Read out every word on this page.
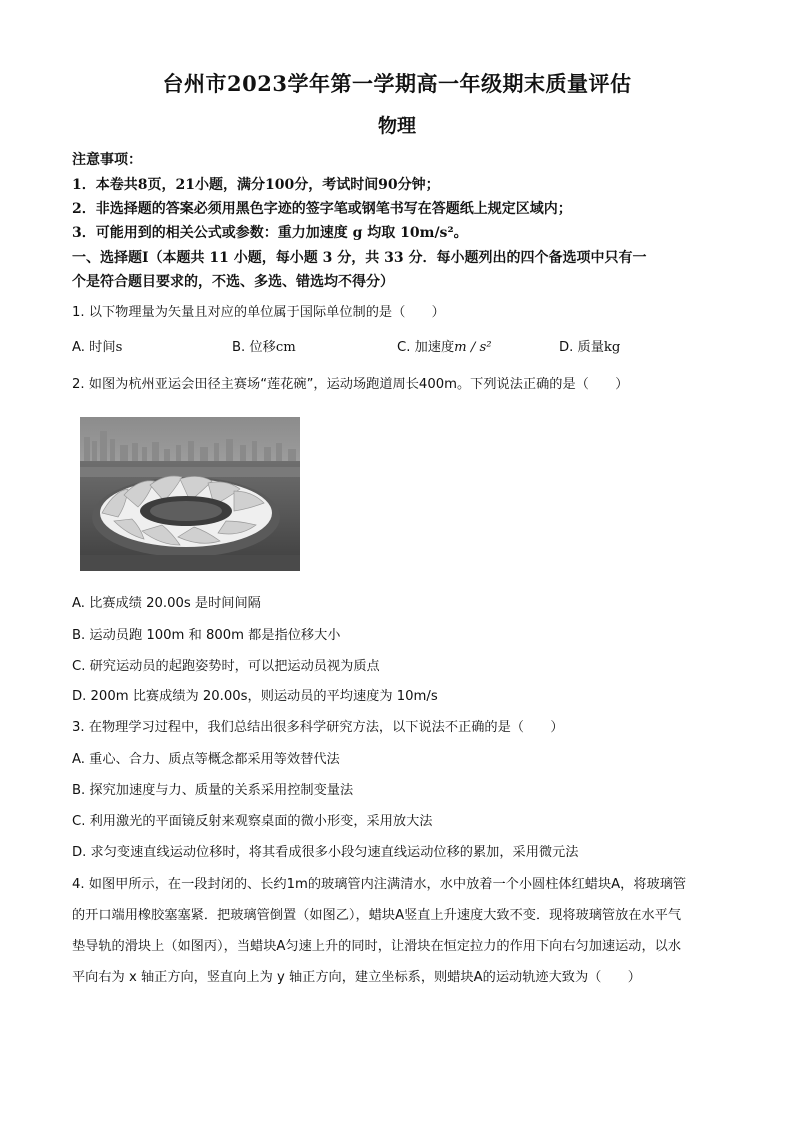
台州市2023学年第一学期高一年级期末质量评估
物理
注意事项：
1．本卷共8页，21小题，满分100分，考试时间90分钟；
2．非选择题的答案必须用黑色字迹的签字笔或钢笔书写在答题纸上规定区域内；
3．可能用到的相关公式或参数：重力加速度 g 均取 10m/s²。
一、选择题Ⅰ（本题共 11 小题，每小题 3 分，共 33 分．每小题列出的四个备选项中只有一
个是符合题目要求的，不选、多选、错选均不得分）
1. 以下物理量为矢量且对应的单位属于国际单位制的是（　　）
A. 时间s	B. 位移cm	C. 加速度m / s²	D. 质量kg
2. 如图为杭州亚运会田径主赛场“莲花碗”，运动场跑道周长400m。下列说法正确的是（　　）
A. 比赛成绩 20.00s 是时间间隔
B. 运动员跑 100m 和 800m 都是指位移大小
C. 研究运动员的起跑姿势时，可以把运动员视为质点
D. 200m 比赛成绩为 20.00s，则运动员的平均速度为 10m/s
3. 在物理学习过程中，我们总结出很多科学研究方法，以下说法不正确的是（　　）
A. 重心、合力、质点等概念都采用等效替代法
B. 探究加速度与力、质量的关系采用控制变量法
C. 利用激光的平面镜反射来观察桌面的微小形变，采用放大法
D. 求匀变速直线运动位移时，将其看成很多小段匀速直线运动位移的累加，采用微元法
4. 如图甲所示，在一段封闭的、长约1m的玻璃管内注满清水，水中放着一个小圆柱体红蜡块A，将玻璃管
的开口端用橡胶塞塞紧．把玻璃管倒置（如图乙），蜡块A竖直上升速度大致不变．现将玻璃管放在水平气
垫导轨的滑块上（如图丙），当蜡块A匀速上升的同时，让滑块在恒定拉力的作用下向右匀加速运动，以水
平向右为 x 轴正方向，竖直向上为 y 轴正方向，建立坐标系，则蜡块A的运动轨迹大致为（　　）
